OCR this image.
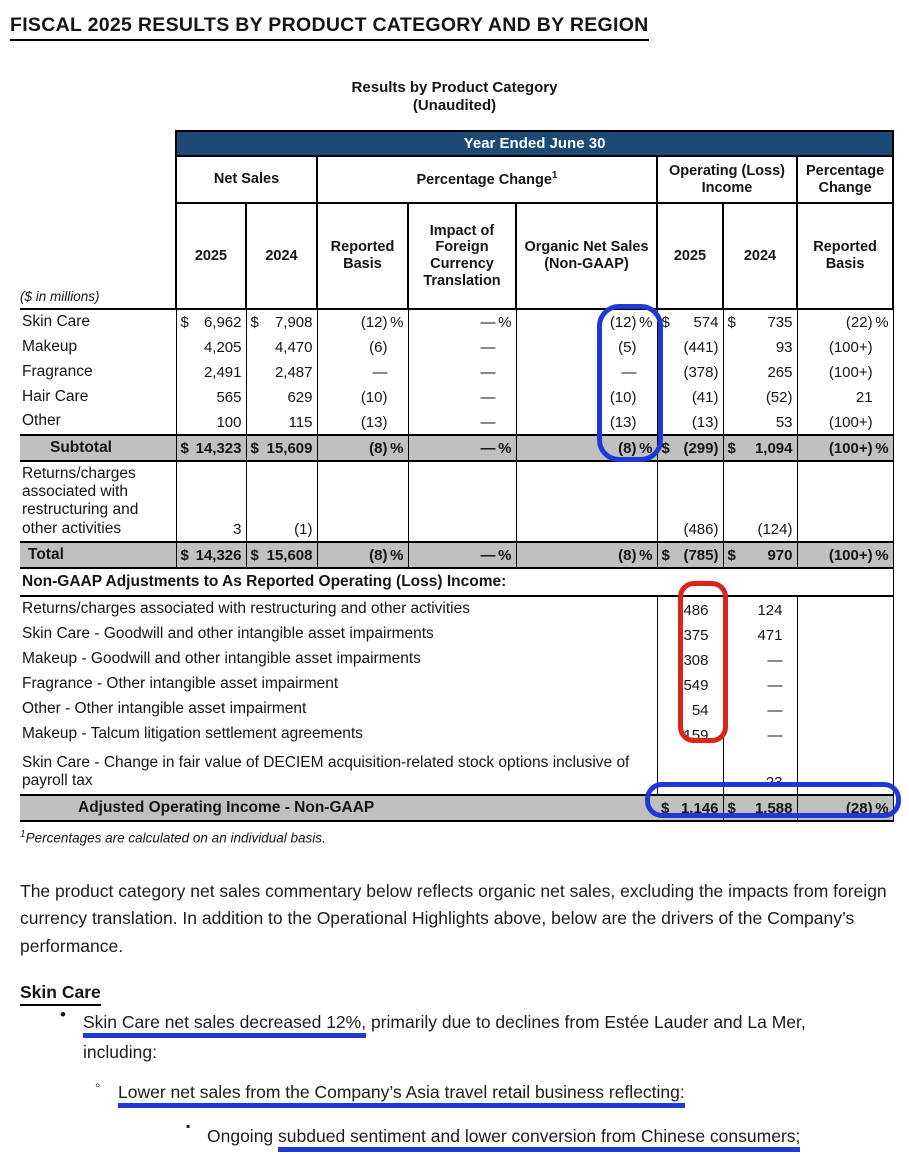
FISCAL 2025 RESULTS BY PRODUCT CATEGORY AND BY REGION
Results by Product Category
(Unaudited)
	Year Ended June 30							
	Net Sales		Percentage Change$^1$			Operating (Loss) Income		Percentage Change
($ in millions)	2025	2024	Reported Basis	Impact of Foreign Currency Translation	Organic Net Sales (Non-GAAP)	2025	2024	Reported Basis
Skin Care	$ 6,962	$ 7,908	(12) %	— %	(12) %	$ 574	$ 735	(22) %

Makeup	4,205	4,470	(6)	—	(5)	(441)	93	(100+)

Fragrance	2,491	2,487	—	—	—	(378)	265	(100+)

Hair Care	565	629	(10)	—	(10)	(41)	(52)	21

Other	100	115	(13)	—	(13)	(13)	53	(100+)

Subtotal	$ 14,323	$ 15,609	(8) %	— %	(8) %	$ (299)	$ 1,094	(100+) %

Returns/charges associated with restructuring and other activities	3	(1)				(486)	(124)	

Total	$ 14,326	$ 15,608	(8) %	— %	(8) %	$ (785)	$ 970	(100+) %

Non-GAAP Adjustments to As Reported Operating (Loss) Income:								
Returns/charges associated with restructuring and other activities						486	124	
Skin Care - Goodwill and other intangible asset impairments						375	471	
Makeup - Goodwill and other intangible asset impairments						308	—	
Fragrance - Other intangible asset impairment						549	—	
Other - Other intangible asset impairment						54	—	
Makeup - Talcum litigation settlement agreements						159	—	
Skin Care - Change in fair value of DECIEM acquisition-related stock options inclusive of payroll tax						—	23	
Adjusted Operating Income - Non-GAAP						$ 1,146	$ 1,588	(28) %
$^1$Percentages are calculated on an individual basis.
The product category net sales commentary below reflects organic net sales, excluding the impacts from foreign currency translation. In addition to the Operational Highlights above, below are the drivers of the Company’s performance.
Skin Care
• Skin Care net sales decreased 12%, primarily due to declines from Estée Lauder and La Mer,
including:
◦ Lower net sales from the Company’s Asia travel retail business reflecting:
▪ Ongoing subdued sentiment and lower conversion from Chinese consumers;
